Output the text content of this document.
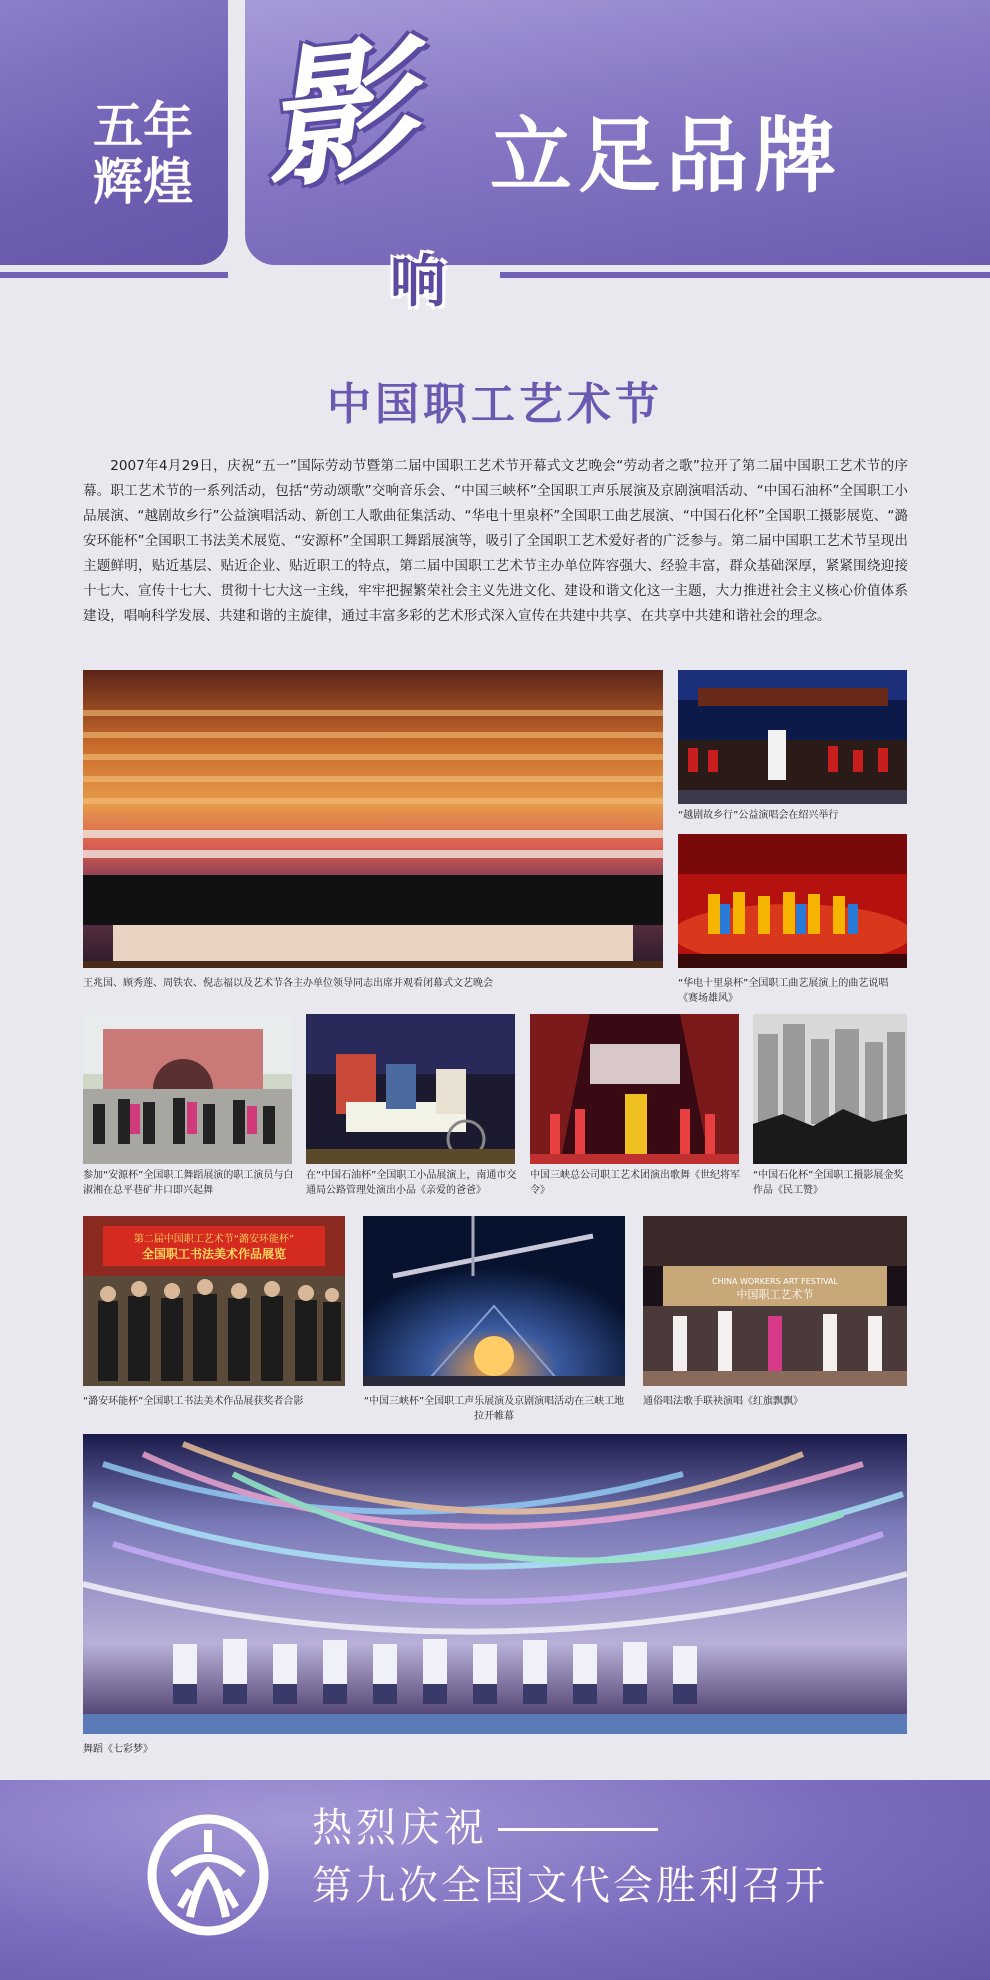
五年
辉煌 影
响
立足品牌
中国职工艺术节

2007年4月29日，庆祝“五一”国际劳动节暨第二届中国职工艺术节开幕式文艺晚会“劳动者之歌”拉开了第二届中国职工艺术节的序幕。职工艺术节的一系列活动，包括“劳动颂歌”交响音乐会、“中国三峡杯”全国职工声乐展演及京剧演唱活动、“中国石油杯”全国职工小品展演、“越剧故乡行”公益演唱活动、新创工人歌曲征集活动、“华电十里泉杯”全国职工曲艺展演、“中国石化杯”全国职工摄影展览、“潞安环能杯”全国职工书法美术展览、“安源杯”全国职工舞蹈展演等，吸引了全国职工艺术爱好者的广泛参与。第二届中国职工艺术节呈现出主题鲜明，贴近基层、贴近企业、贴近职工的特点，第二届中国职工艺术节主办单位阵容强大、经验丰富，群众基础深厚，紧紧围绕迎接十七大、宣传十七大、贯彻十七大这一主线，牢牢把握繁荣社会主义先进文化、建设和谐文化这一主题，大力推进社会主义核心价值体系建设，唱响科学发展、共建和谐的主旋律，通过丰富多彩的艺术形式深入宣传在共建中共享、在共享中共建和谐社会的理念。

王兆国、顾秀莲、周铁农、倪志福以及艺术节各主办单位领导同志出席并观看闭幕式文艺晚会
“越剧故乡行”公益演唱会在绍兴举行
“华电十里泉杯”全国职工曲艺展演上的曲艺说唱《赛场雄风》
参加“安源杯”全国职工舞蹈展演的职工演员与白淑湘在总平巷矿井口即兴起舞
在“中国石油杯”全国职工小品展演上，南通市交通局公路管理处演出小品《亲爱的爸爸》
中国三峡总公司职工艺术团演出歌舞《世纪将军令》
“中国石化杯”全国职工摄影展金奖作品《民工赞》
第二届中国职工艺术节“潞安环能杯”
全国职工书法美术作品展览
“潞安环能杯”全国职工书法美术作品展获奖者合影	“中国三峡杯”全国职工声乐展演及京剧演唱活动在三峡工地拉开帷幕
CHINA WORKERS ART FESTIVAL
中国职工艺术节
通俗唱法歌手联袂演唱《红旗飘飘》
舞蹈《七彩梦》
热烈庆祝
第九次全国文代会胜利召开
